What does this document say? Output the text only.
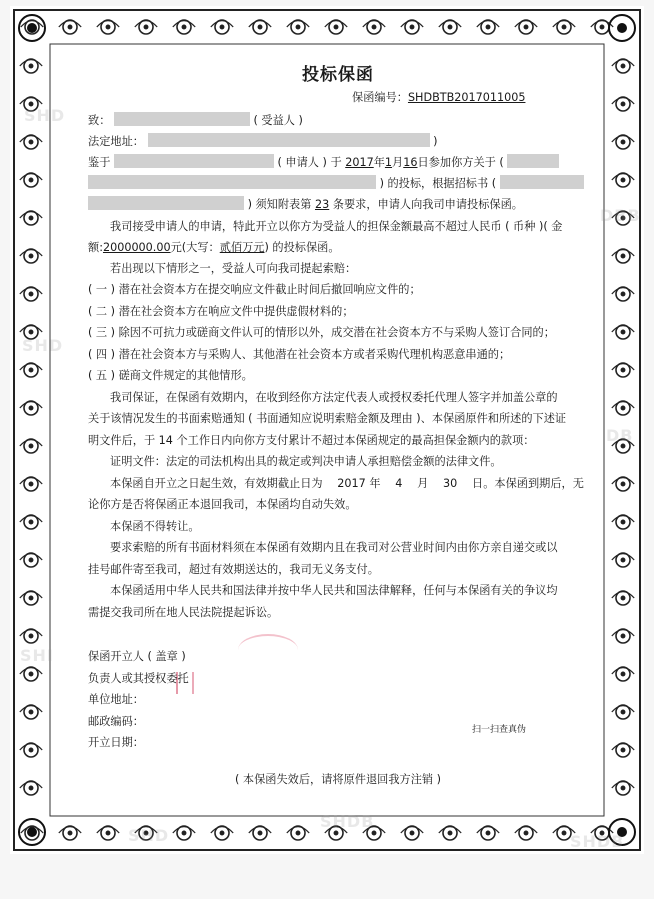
SHD
DBB
SHD
DB
SHI
SHD
SHDB
SHDB
投标保函
保函编号：SHDBTB2017011005
致：	( 受益人 )
法定地址：	)
鉴于	( 申请人 ) 于 2017年1月16日参加你方关于 (
) 的投标，根据招标书 (
) 须知附表第 23 条要求，申请人向我司申请投标保函。
我司接受申请人的申请，特此开立以你方为受益人的担保金额最高不超过人民币 ( 币种 )( 金
额:2000000.00元(大写：贰佰万元) 的投标保函。
若出现以下情形之一，受益人可向我司提起索赔：
( 一 ) 潜在社会资本方在提交响应文件截止时间后撤回响应文件的；
( 二 ) 潜在社会资本方在响应文件中提供虚假材料的；
( 三 ) 除因不可抗力或磋商文件认可的情形以外，成交潜在社会资本方不与采购人签订合同的；
( 四 ) 潜在社会资本方与采购人、其他潜在社会资本方或者采购代理机构恶意串通的；
( 五 ) 磋商文件规定的其他情形。
我司保证，在保函有效期内，在收到经你方法定代表人或授权委托代理人签字并加盖公章的
关于该情况发生的书面索赔通知 ( 书面通知应说明索赔金额及理由 )、本保函原件和所述的下述证
明文件后，于 14 个工作日内向你方支付累计不超过本保函规定的最高担保金额内的款项：
证明文件：法定的司法机构出具的裁定或判决申请人承担赔偿金额的法律文件。
本保函自开立之日起生效，有效期截止日为　 2017 年　 4 　月　 30 　日。本保函到期后，无
论你方是否将保函正本退回我司，本保函均自动失效。
本保函不得转让。
要求索赔的所有书面材料须在本保函有效期内且在我司对公营业时间内由你方亲自递交或以
挂号邮件寄至我司，超过有效期送达的，我司无义务支付。
本保函适用中华人民共和国法律并按中华人民共和国法律解释，任何与本保函有关的争议均
需提交我司所在地人民法院提起诉讼。
保函开立人 ( 盖章 )
负责人或其授权委托
单位地址：
邮政编码：
开立日期：
扫一扫查真伪
( 本保函失效后，请将原件退回我方注销 )
